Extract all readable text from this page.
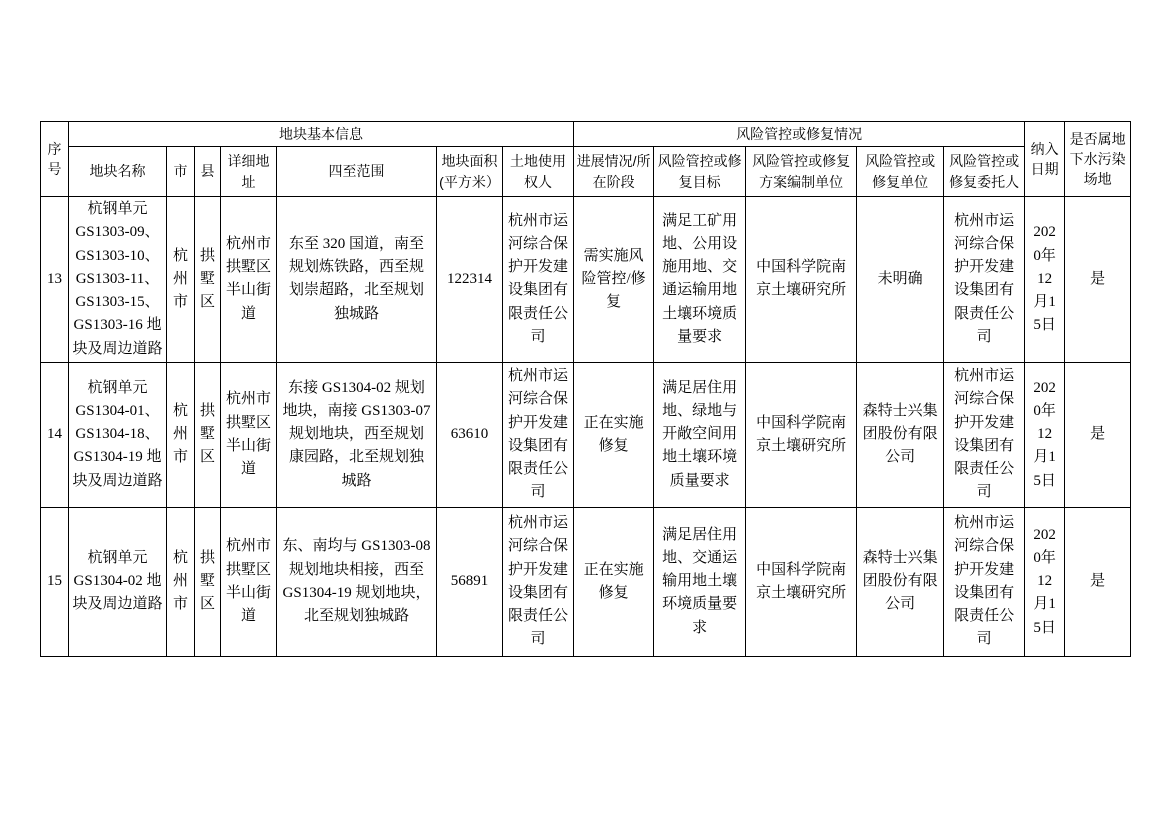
序号	地块基本信息							风险管控或修复情况					纳入日期	是否属地下水污染场地
	地块名称	市	县	详细地址	四至范围	地块面积(平方米）	土地使用权人	进展情况/所在阶段	风险管控或修复目标	风险管控或修复方案编制单位	风险管控或修复单位	风险管控或修复委托人		
13	杭钢单元 GS1303-09、GS1303-10、GS1303-11、GS1303-15、GS1303-16 地块及周边道路	杭州市	拱墅区	杭州市拱墅区半山街道	东至 320 国道，南至规划炼铁路，西至规划崇超路，北至规划独城路	122314	杭州市运河综合保护开发建设集团有限责任公司	需实施风险管控/修复	满足工矿用地、公用设施用地、交通运输用地土壤环境质量要求	中国科学院南京土壤研究所	未明确	杭州市运河综合保护开发建设集团有限责任公司	2020年12月15日	是
14	杭钢单元 GS1304-01、GS1304-18、GS1304-19 地块及周边道路	杭州市	拱墅区	杭州市拱墅区半山街道	东接 GS1304-02 规划地块，南接 GS1303-07 规划地块，西至规划康园路，北至规划独城路	63610	杭州市运河综合保护开发建设集团有限责任公司	正在实施修复	满足居住用地、绿地与开敞空间用地土壤环境质量要求	中国科学院南京土壤研究所	森特士兴集团股份有限公司	杭州市运河综合保护开发建设集团有限责任公司	2020年12月15日	是
15	杭钢单元 GS1304-02 地块及周边道路	杭州市	拱墅区	杭州市拱墅区半山街道	东、南均与 GS1303-08 规划地块相接，西至 GS1304-19 规划地块，北至规划独城路	56891	杭州市运河综合保护开发建设集团有限责任公司	正在实施修复	满足居住用地、交通运输用地土壤环境质量要求	中国科学院南京土壤研究所	森特士兴集团股份有限公司	杭州市运河综合保护开发建设集团有限责任公司	2020年12月15日	是
